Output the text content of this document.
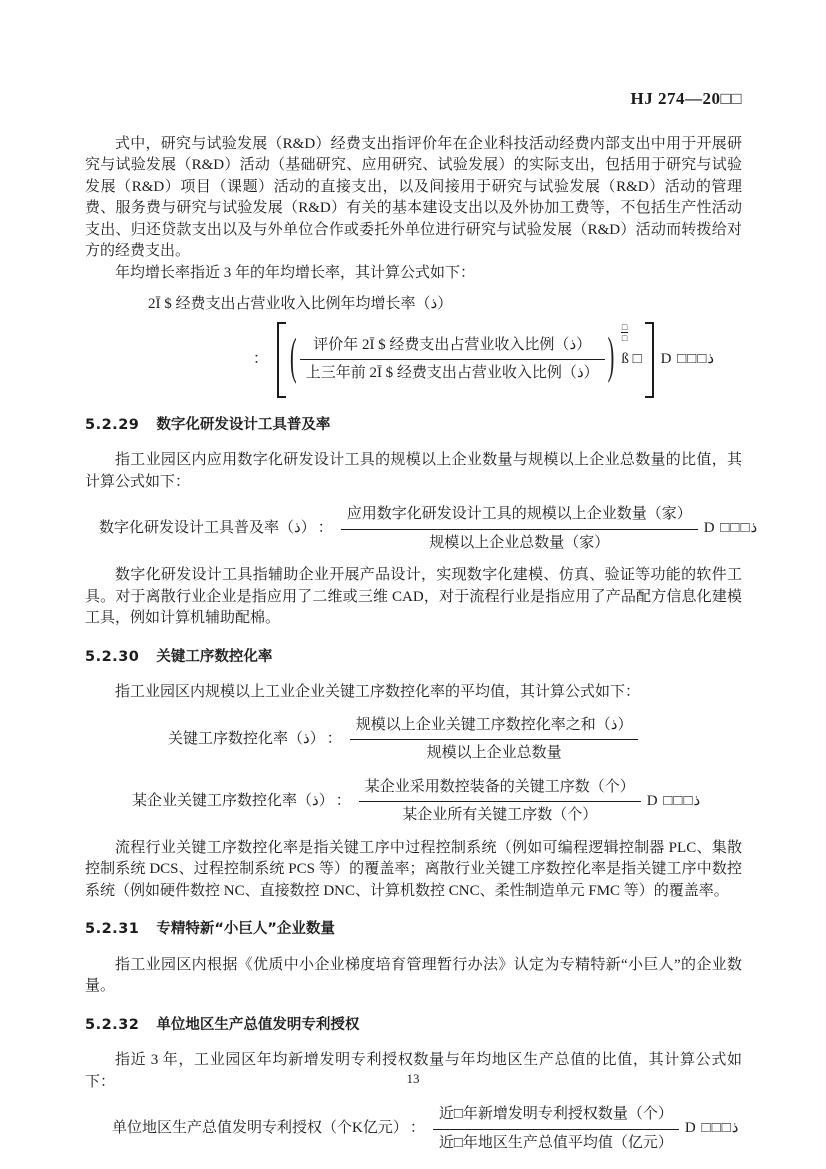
HJ 274—20□□

式中，研究与试验发展（R&D）经费支出指评价年在企业科技活动经费内部支出中用于开展研究与试验发展（R&D）活动（基础研究、应用研究、试验发展）的实际支出，包括用于研究与试验发展（R&D）项目（课题）活动的直接支出，以及间接用于研究与试验发展（R&D）活动的管理费、服务费与研究与试验发展（R&D）有关的基本建设支出以及外协加工费等，不包括生产性活动支出、归还贷款支出以及与外单位合作或委托外单位进行研究与试验发展（R&D）活动而转拨给对方的经费支出。

年均增长率指近 3 年的年均增长率，其计算公式如下：

2Ī $ 经费支出占营业收入比例年均增长率（ذ）
： ( $\frac{\text{评价年 2Ī \$ 经费支出占营业收入比例（ذ）}}{\text{上三年前 2Ī \$ 经费支出占营业收入比例（ذ）}}$ )
□
□
ß □ D □□□ذ
5.2.29 数字化研发设计工具普及率

指工业园区内应用数字化研发设计工具的规模以上企业数量与规模以上企业总数量的比值，其计算公式如下：

数字化研发设计工具普及率（ذ） ： $\frac{\text{应用数字化研发设计工具的规模以上企业数量（家）}}{\text{规模以上企业总数量（家）}}$ D □□□ذ

数字化研发设计工具指辅助企业开展产品设计，实现数字化建模、仿真、验证等功能的软件工具。对于离散行业企业是指应用了二维或三维 CAD，对于流程行业是指应用了产品配方信息化建模工具，例如计算机辅助配棉。

5.2.30 关键工序数控化率

指工业园区内规模以上工业企业关键工序数控化率的平均值，其计算公式如下：

关键工序数控化率（ذ） ： $\frac{\text{规模以上企业关键工序数控化率之和（ذ）}}{\text{规模以上企业总数量}}$
某企业关键工序数控化率（ذ） ： $\frac{\text{某企业采用数控装备的关键工序数（个）}}{\text{某企业所有关键工序数（个）}}$ D □□□ذ

流程行业关键工序数控化率是指关键工序中过程控制系统（例如可编程逻辑控制器 PLC、集散控制系统 DCS、过程控制系统 PCS 等）的覆盖率；离散行业关键工序数控化率是指关键工序中数控系统（例如硬件数控 NC、直接数控 DNC、计算机数控 CNC、柔性制造单元 FMC 等）的覆盖率。

5.2.31 专精特新“小巨人”企业数量

指工业园区内根据《优质中小企业梯度培育管理暂行办法》认定为专精特新“小巨人”的企业数量。

5.2.32 单位地区生产总值发明专利授权

指近 3 年，工业园区年均新增发明专利授权数量与年均地区生产总值的比值，其计算公式如下：

单位地区生产总值发明专利授权（个K亿元） ： $\frac{\text{近□年新增发明专利授权数量（个）}}{\text{近□年地区生产总值平均值（亿元）}}$ D □□□ذ
13
